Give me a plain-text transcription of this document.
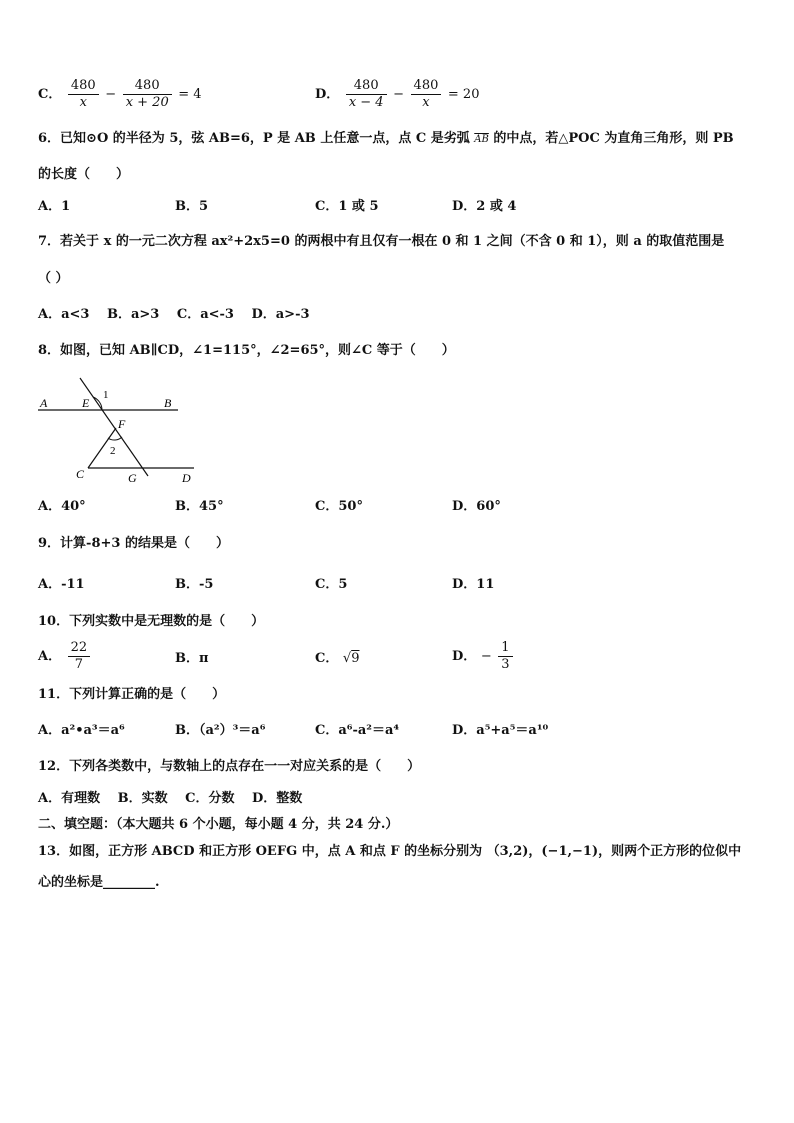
C． $\frac{480}{x} - \frac{480}{x + 20} = 4$	D． $\frac{480}{x - 4} - \frac{480}{x} = 20$
6．已知⊙O 的半径为 5，弦 AB=6，P 是 AB 上任意一点，点 C 是劣弧 $\overline{AB}$ 的中点，若△POC 为直角三角形，则 PB
的长度（　　）
A．1	B．5	C．1 或 5	D．2 或 4
7．若关于 x 的一元二次方程 ax²+2x5=0 的两根中有且仅有一根在 0 和 1 之间（不含 0 和 1），则 a 的取值范围是
（ ）
A．a<3　 B．a>3　 C．a<-3　 D．a>-3
8．如图，已知 AB∥CD，∠1=115°，∠2=65°，则∠C 等于（　　）
A	E
1
B
F
2
C	G	D
A．40°	B．45°	C．50°	D．60°
9．计算-8+3 的结果是（　　）
A．-11	B．-5	C．5	D．11
10．下列实数中是无理数的是（　　）
A． $\frac{22}{7}$	B．π	C． √9	D． − $\frac{1}{3}$
11．下列计算正确的是（　　）
A．a²•a³＝a⁶	B．（a²）³＝a⁶	C．a⁶-a²＝a⁴	D．a⁵+a⁵＝a¹⁰
12．下列各类数中，与数轴上的点存在一一对应关系的是（　　）
A．有理数　 B．实数　 C．分数　 D．整数
二、填空题：（本大题共 6 个小题，每小题 4 分，共 24 分.）
13．如图，正方形 ABCD 和正方形 OEFG 中，点 A 和点 F 的坐标分别为 （3,2)，(−1,−1)，则两个正方形的位似中
心的坐标是________.
